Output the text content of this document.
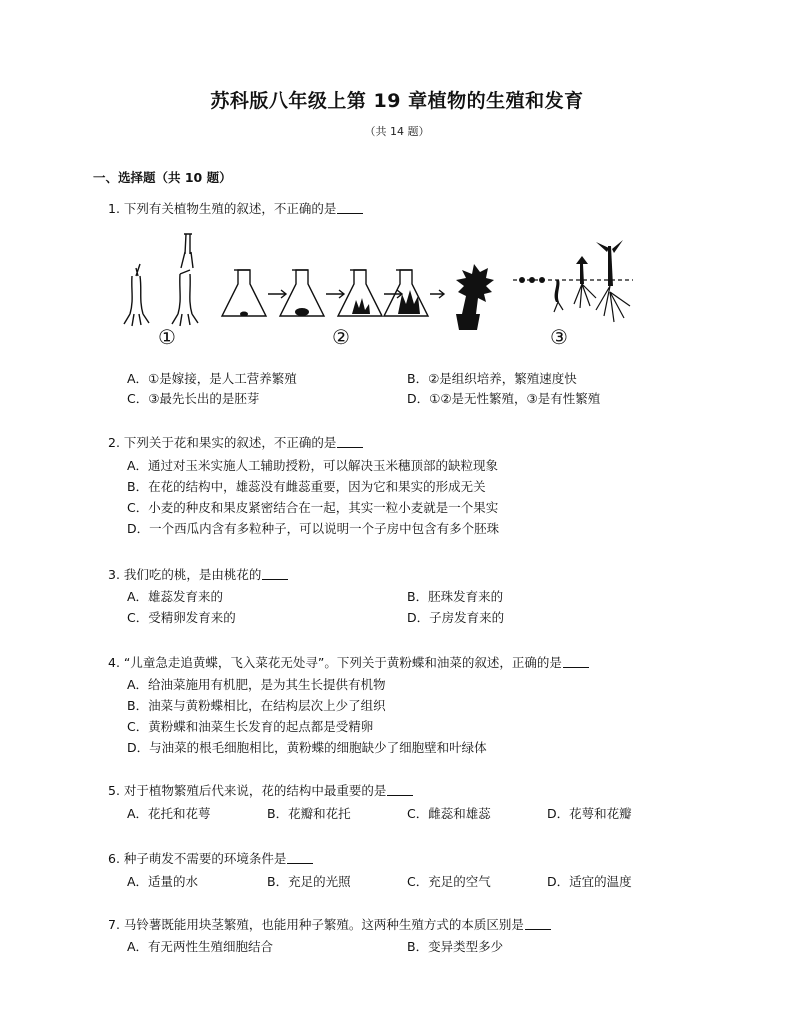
苏科版八年级上第 19 章植物的生殖和发育
（共 14 题）
一、选择题（共 10 题）
1. 下列有关植物生殖的叙述，不正确的是
①	②	③
A．①是嫁接，是人工营养繁殖	B．②是组织培养，繁殖速度快
C．③最先长出的是胚芽	D．①②是无性繁殖，③是有性繁殖
2. 下列关于花和果实的叙述，不正确的是
A．通过对玉米实施人工辅助授粉，可以解决玉米穗顶部的缺粒现象
B．在花的结构中，雄蕊没有雌蕊重要，因为它和果实的形成无关
C．小麦的种皮和果皮紧密结合在一起，其实一粒小麦就是一个果实
D．一个西瓜内含有多粒种子，可以说明一个子房中包含有多个胚珠
3. 我们吃的桃，是由桃花的
A．雄蕊发育来的	B．胚珠发育来的
C．受精卵发育来的	D．子房发育来的
4. “儿童急走追黄蝶，飞入菜花无处寻”。下列关于黄粉蝶和油菜的叙述，正确的是
A．给油菜施用有机肥，是为其生长提供有机物
B．油菜与黄粉蝶相比，在结构层次上少了组织
C．黄粉蝶和油菜生长发育的起点都是受精卵
D．与油菜的根毛细胞相比，黄粉蝶的细胞缺少了细胞壁和叶绿体
5. 对于植物繁殖后代来说，花的结构中最重要的是
A．花托和花萼	B．花瓣和花托	C．雌蕊和雄蕊	D．花萼和花瓣
6. 种子萌发不需要的环境条件是
A．适量的水	B．充足的光照	C．充足的空气	D．适宜的温度
7. 马铃薯既能用块茎繁殖，也能用种子繁殖。这两种生殖方式的本质区别是
A．有无两性生殖细胞结合	B．变异类型多少
